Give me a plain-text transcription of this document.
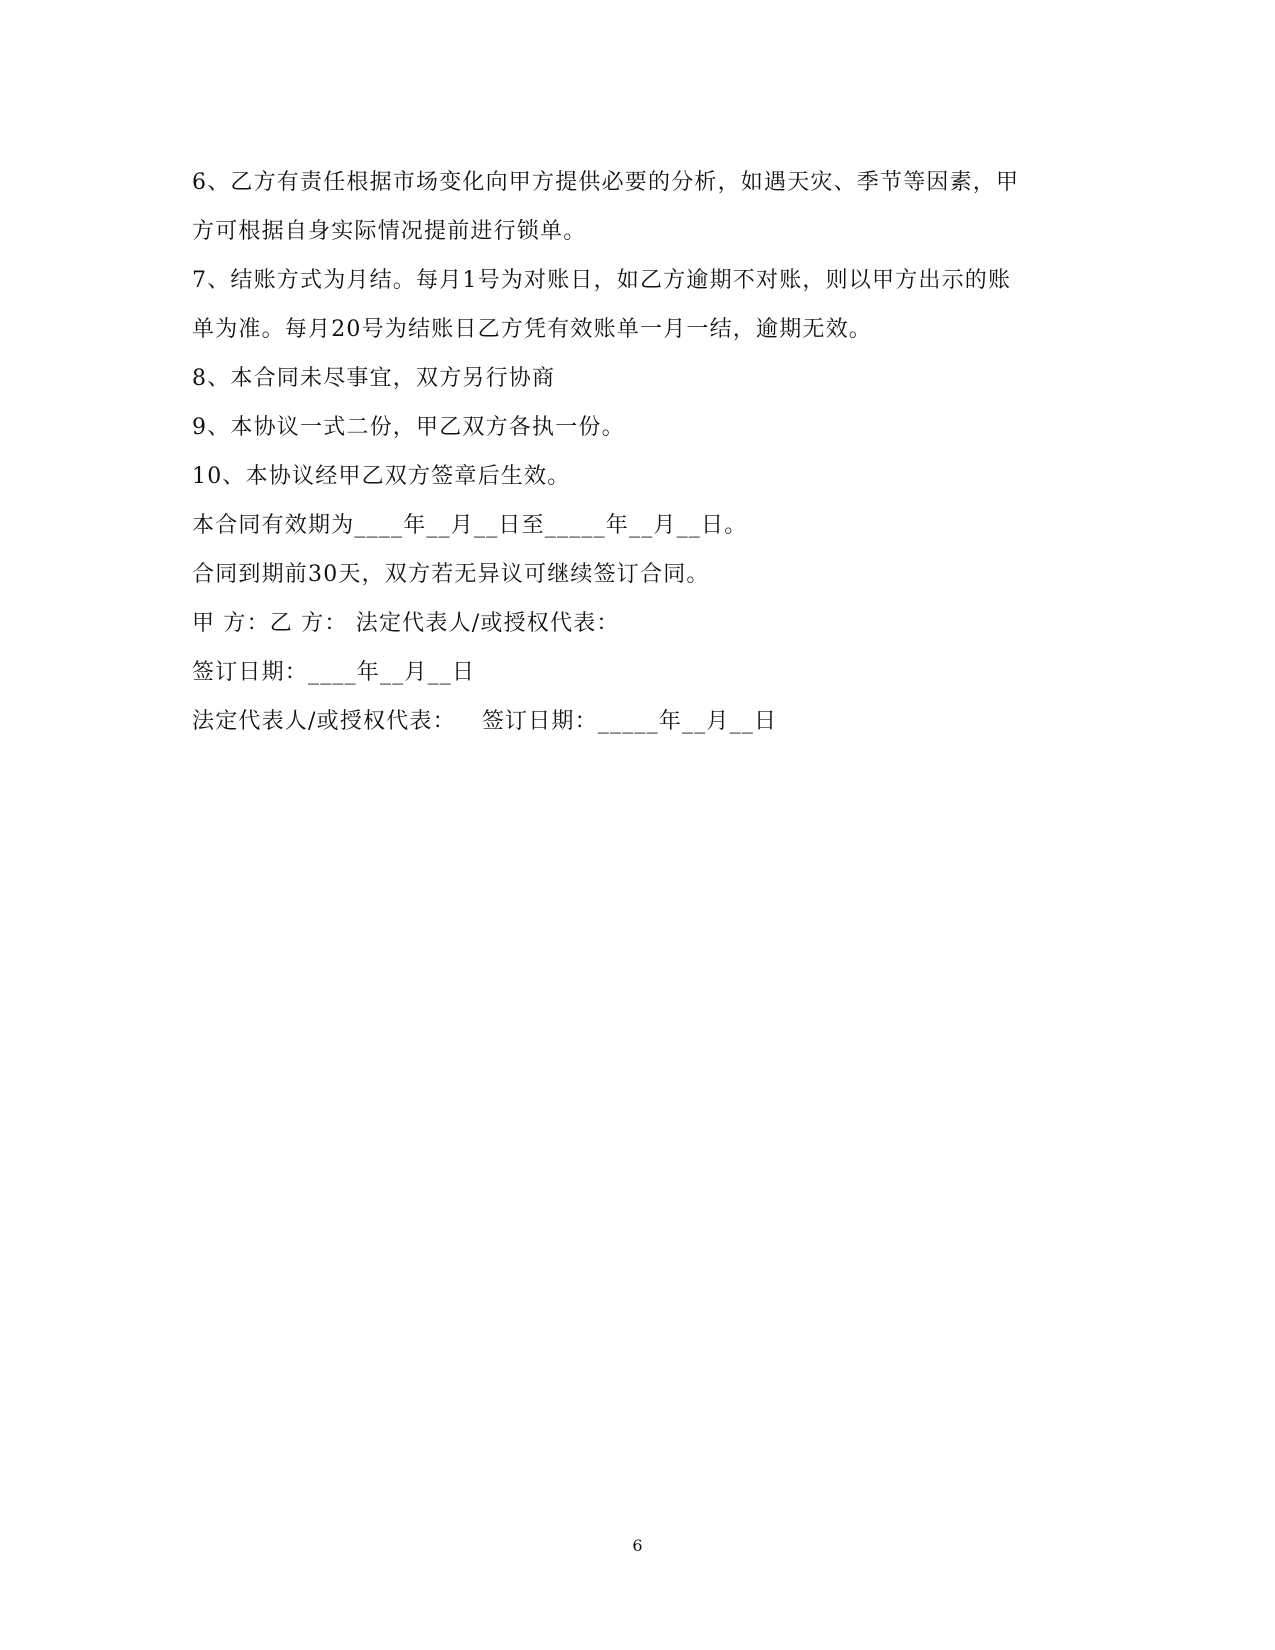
6、乙方有责任根据市场变化向甲方提供必要的分析，如遇天灾、季节等因素，甲
方可根据自身实际情况提前进行锁单。
7、结账方式为月结。每月1号为对账日，如乙方逾期不对账，则以甲方出示的账
单为准。每月20号为结账日乙方凭有效账单一月一结，逾期无效。
8、本合同未尽事宜，双方另行协商
9、本协议一式二份，甲乙双方各执一份。
10、本协议经甲乙双方签章后生效。
本合同有效期为____年__月__日至_____年__月__日。
合同到期前30天，双方若无异议可继续签订合同。
甲 方：乙 方： 法定代表人/或授权代表：
签订日期：____年__月__日
法定代表人/或授权代表： 签订日期：_____年__月__日
6
